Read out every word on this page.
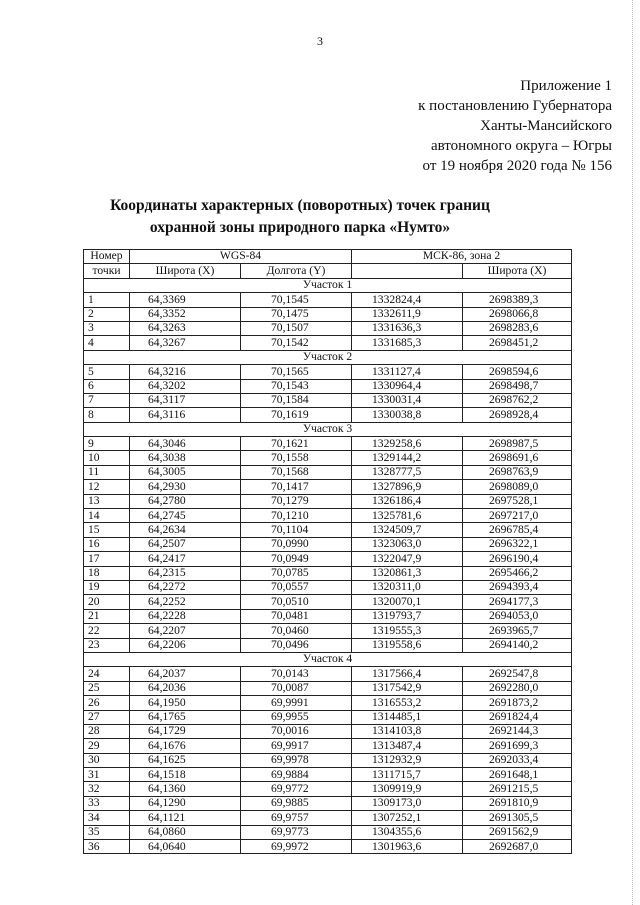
3
Приложение 1
к постановлению Губернатора
Ханты-Мансийского
автономного округа – Югры
от 19 ноября 2020 года № 156
Координаты характерных (поворотных) точек границ
охранной зоны природного парка «Нумто»
Номер	WGS-84		МСК-86, зона 2	
точки	Широта (X)	Долгота (Y)		Широта (X)
Участок 1				
1	64,3369	70,1545	1332824,4	2698389,3
2	64,3352	70,1475	1332611,9	2698066,8
3	64,3263	70,1507	1331636,3	2698283,6
4	64,3267	70,1542	1331685,3	2698451,2
Участок 2				
5	64,3216	70,1565	1331127,4	2698594,6
6	64,3202	70,1543	1330964,4	2698498,7
7	64,3117	70,1584	1330031,4	2698762,2
8	64,3116	70,1619	1330038,8	2698928,4
Участок 3				
9	64,3046	70,1621	1329258,6	2698987,5
10	64,3038	70,1558	1329144,2	2698691,6
11	64,3005	70,1568	1328777,5	2698763,9
12	64,2930	70,1417	1327896,9	2698089,0
13	64,2780	70,1279	1326186,4	2697528,1
14	64,2745	70,1210	1325781,6	2697217,0
15	64,2634	70,1104	1324509,7	2696785,4
16	64,2507	70,0990	1323063,0	2696322,1
17	64,2417	70,0949	1322047,9	2696190,4
18	64,2315	70,0785	1320861,3	2695466,2
19	64,2272	70,0557	1320311,0	2694393,4
20	64,2252	70,0510	1320070,1	2694177,3
21	64,2228	70,0481	1319793,7	2694053,0
22	64,2207	70,0460	1319555,3	2693965,7
23	64,2206	70,0496	1319558,6	2694140,2
Участок 4				
24	64,2037	70,0143	1317566,4	2692547,8
25	64,2036	70,0087	1317542,9	2692280,0
26	64,1950	69,9991	1316553,2	2691873,2
27	64,1765	69,9955	1314485,1	2691824,4
28	64,1729	70,0016	1314103,8	2692144,3
29	64,1676	69,9917	1313487,4	2691699,3
30	64,1625	69,9978	1312932,9	2692033,4
31	64,1518	69,9884	1311715,7	2691648,1
32	64,1360	69,9772	1309919,9	2691215,5
33	64,1290	69,9885	1309173,0	2691810,9
34	64,1121	69,9757	1307252,1	2691305,5
35	64,0860	69,9773	1304355,6	2691562,9
36	64,0640	69,9972	1301963,6	2692687,0
